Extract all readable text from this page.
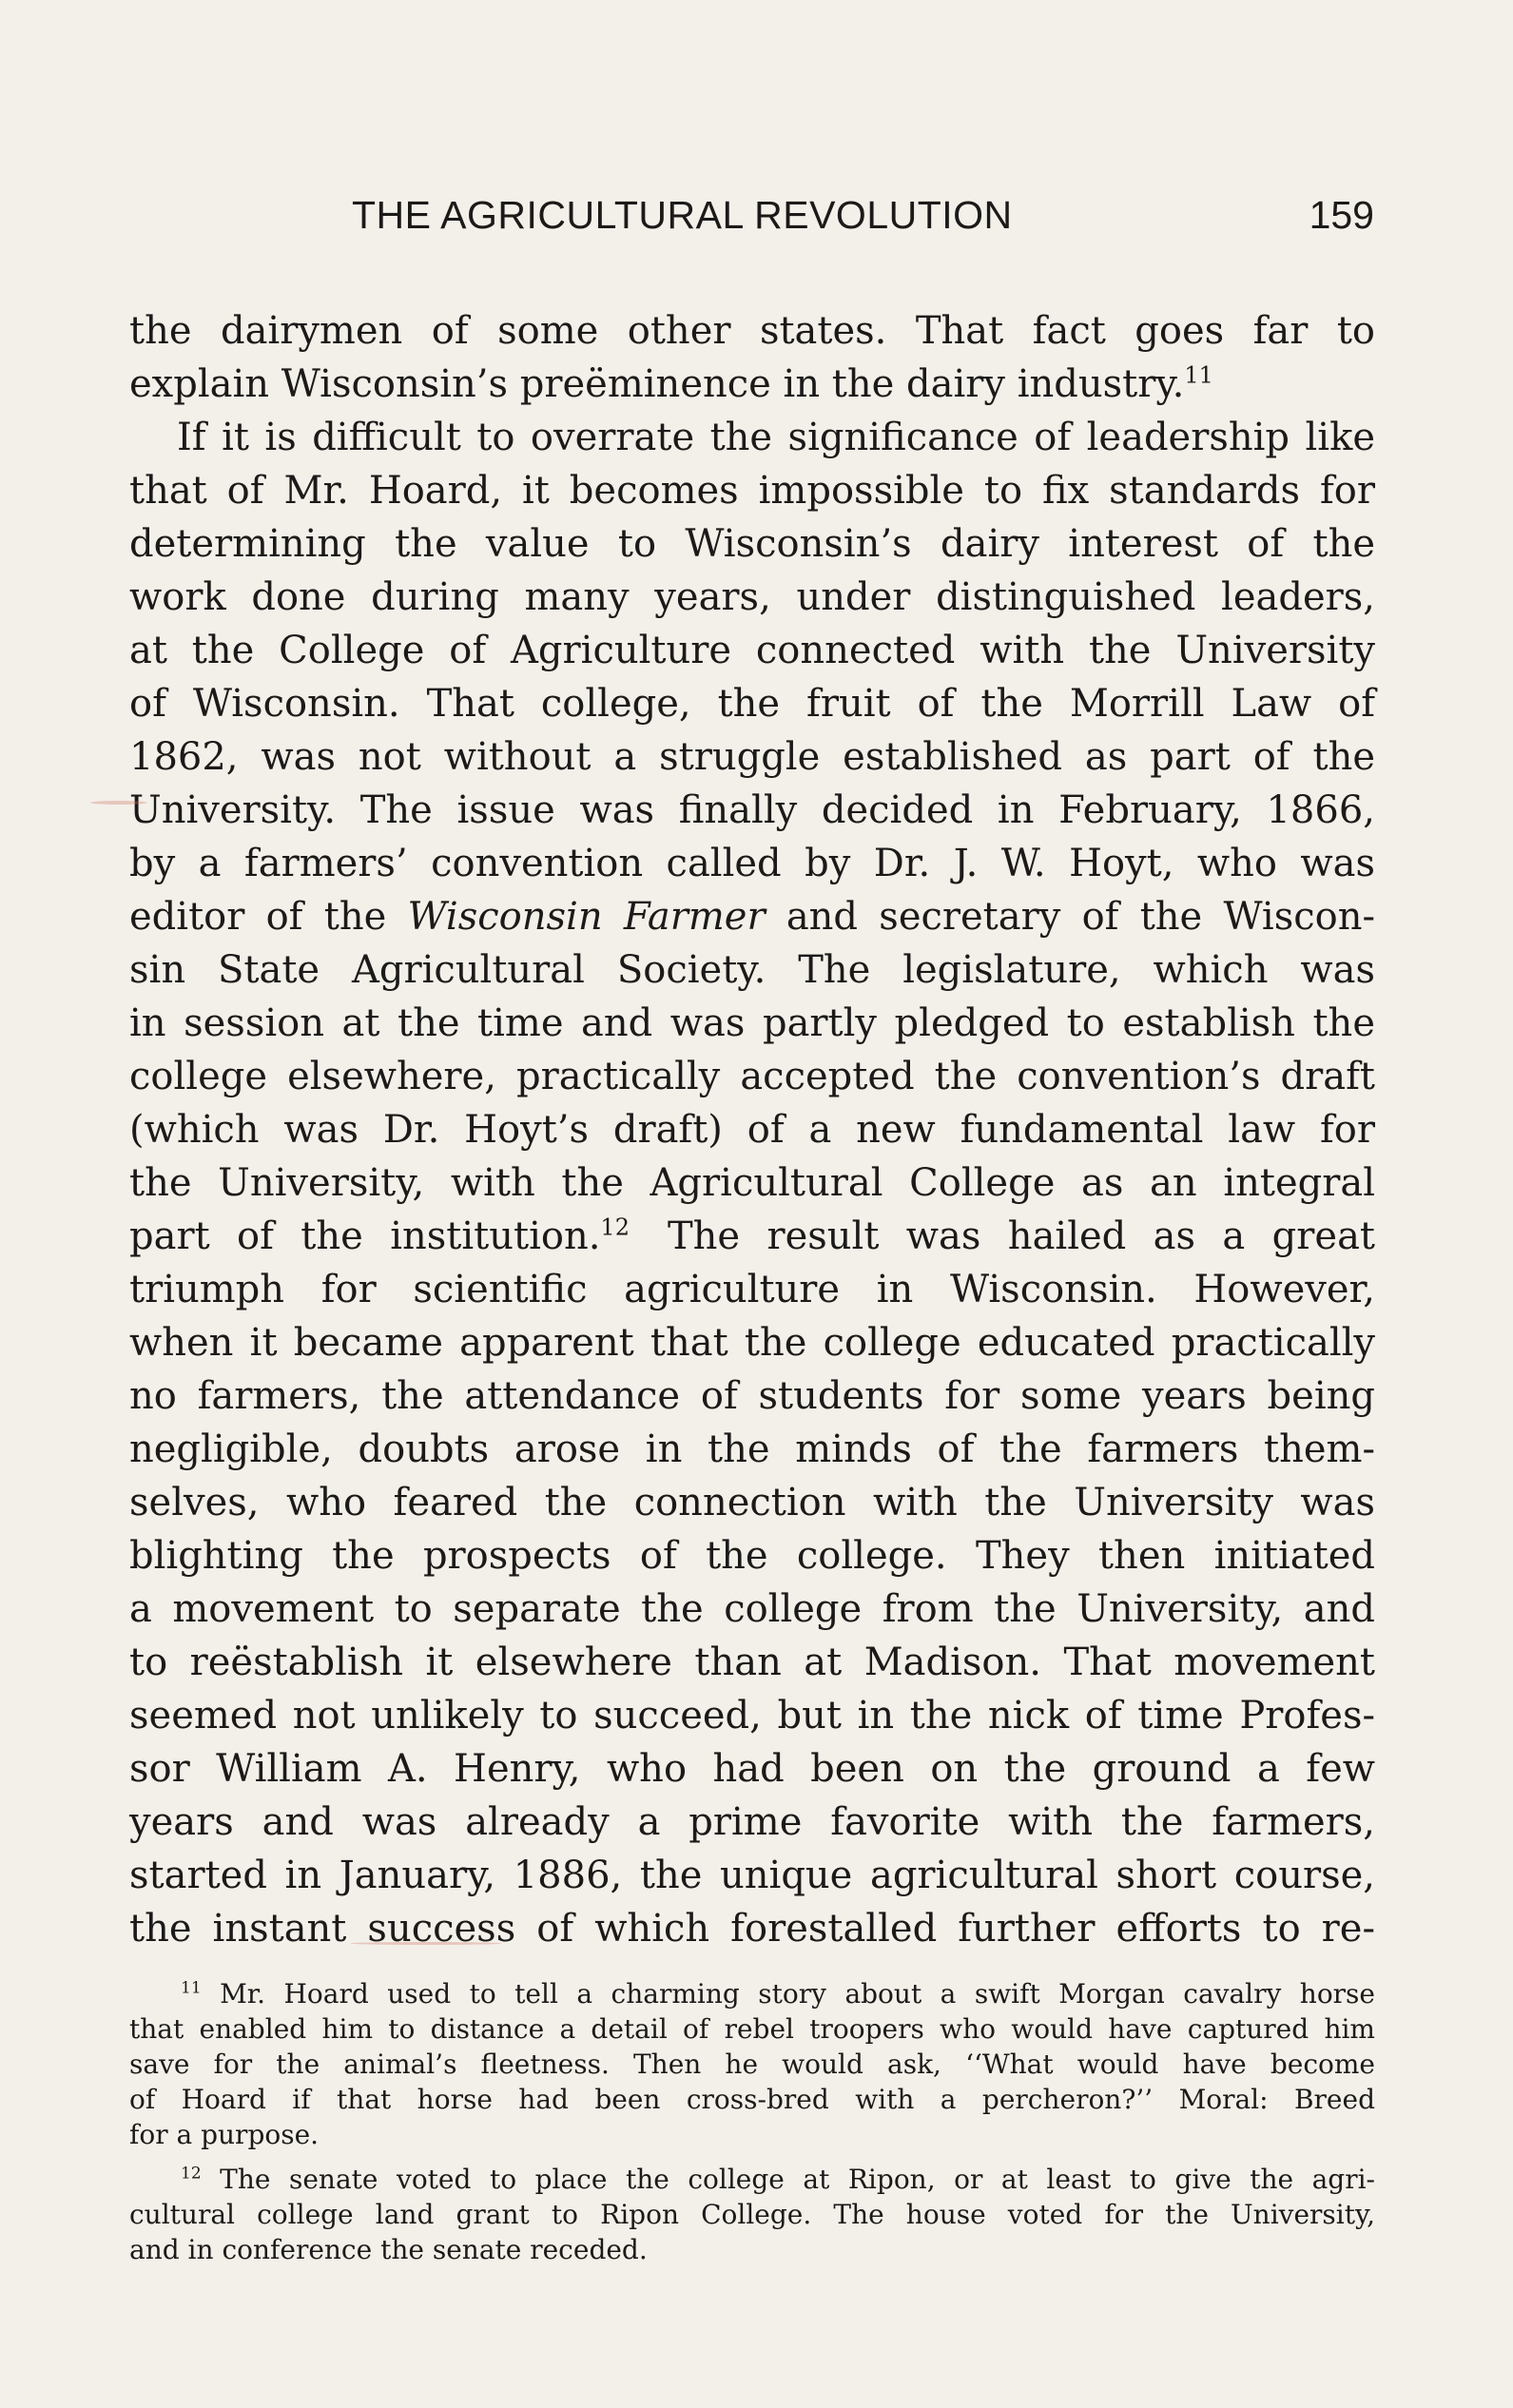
THE AGRICULTURAL REVOLUTION	159
the dairymen of some other states. That fact goes far to
explain Wisconsin’s preëminence in the dairy industry.$^{11}$
If it is difficult to overrate the significance of leadership like
that of Mr. Hoard, it becomes impossible to fix standards for
determining the value to Wisconsin’s dairy interest of the
work done during many years, under distinguished leaders,
at the College of Agriculture connected with the University
of Wisconsin. That college, the fruit of the Morrill Law of
1862, was not without a struggle established as part of the
University. The issue was finally decided in February, 1866,
by a farmers’ convention called by Dr. J. W. Hoyt, who was
editor of the Wisconsin Farmer and secretary of the Wiscon-
sin State Agricultural Society. The legislature, which was
in session at the time and was partly pledged to establish the
college elsewhere, practically accepted the convention’s draft
(which was Dr. Hoyt’s draft) of a new fundamental law for
the University, with the Agricultural College as an integral
part of the institution.$^{12}$  The result was hailed as a great
triumph for scientific agriculture in Wisconsin. However,
when it became apparent that the college educated practically
no farmers, the attendance of students for some years being
negligible, doubts arose in the minds of the farmers them-
selves, who feared the connection with the University was
blighting the prospects of the college. They then initiated
a movement to separate the college from the University, and
to reëstablish it elsewhere than at Madison. That movement
seemed not unlikely to succeed, but in the nick of time Profes-
sor William A. Henry, who had been on the ground a few
years and was already a prime favorite with the farmers,
started in January, 1886, the unique agricultural short course,
the instant success of which forestalled further efforts to re-
$^{11}$ Mr. Hoard used to tell a charming story about a swift Morgan cavalry horse
that enabled him to distance a detail of rebel troopers who would have captured him
save for the animal’s fleetness. Then he would ask, ‘‘What would have become
of Hoard if that horse had been cross-bred with a percheron?’’ Moral: Breed
for a purpose.
$^{12}$ The senate voted to place the college at Ripon, or at least to give the agri-
cultural college land grant to Ripon College. The house voted for the University,
and in conference the senate receded.
